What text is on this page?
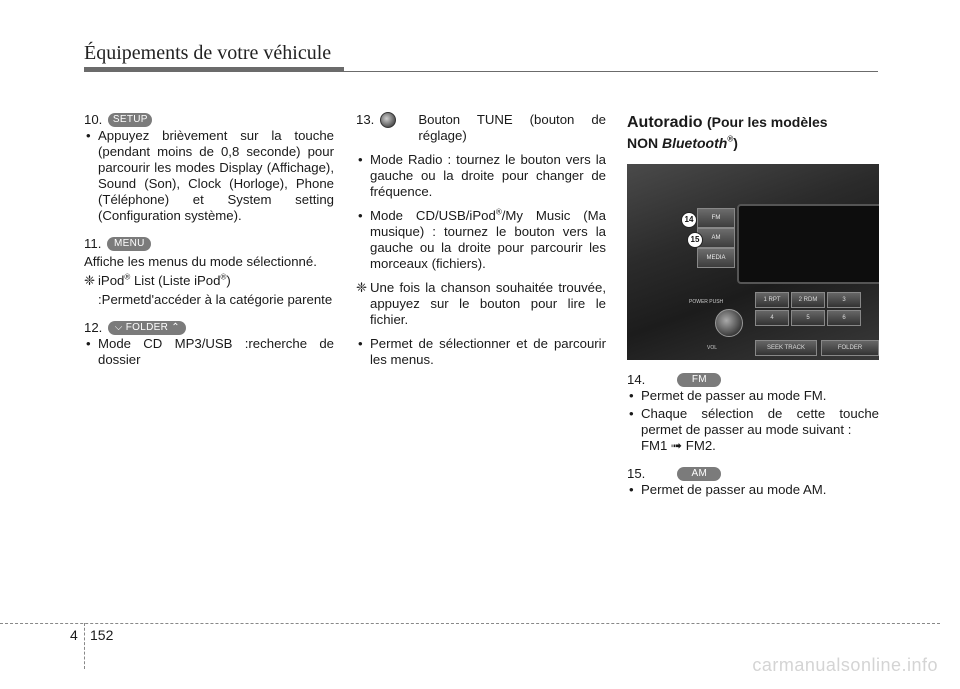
Équipements de votre véhicule
10.	SETUP

• Appuyez brièvement sur la touche (pendant moins de 0,8 seconde) pour parcourir les modes Display (Affichage), Sound (Son), Clock (Horloge), Phone (Téléphone) et System setting (Configuration système).

11.	MENU

Affiche les menus du mode sélectionné.

❈ iPod® List (Liste iPod®)

:Permetd'accéder à la catégorie parente

12.	⌵ FOLDER ⌃

• Mode CD MP3/USB :recherche de dossier

13.	Bouton TUNE (bouton de réglage)

• Mode Radio : tournez le bouton vers la gauche ou la droite pour changer de fréquence.

• Mode CD/USB/iPod®/My Music (Ma musique) : tournez le bouton vers la gauche ou la droite pour parcourir les morceaux (fichiers).

❈ Une fois la chanson souhaitée trouvée, appuyez sur le bouton pour lire le fichier.

• Permet de sélectionner et de parcourir les menus.

Autoradio (Pour les modèles
NON Bluetooth®)
FM
AM
MEDIA
POWER PUSH
VOL
1 RPT	2 RDM	3
4	5	6
SEEK TRACK	FOLDER
14
15
14.	FM

• Permet de passer au mode FM.

• Chaque sélection de cette touche permet de passer au mode suivant :

FM1 ➟ FM2.

15.	AM

• Permet de passer au mode AM.

4 152
carmanualsonline.info
